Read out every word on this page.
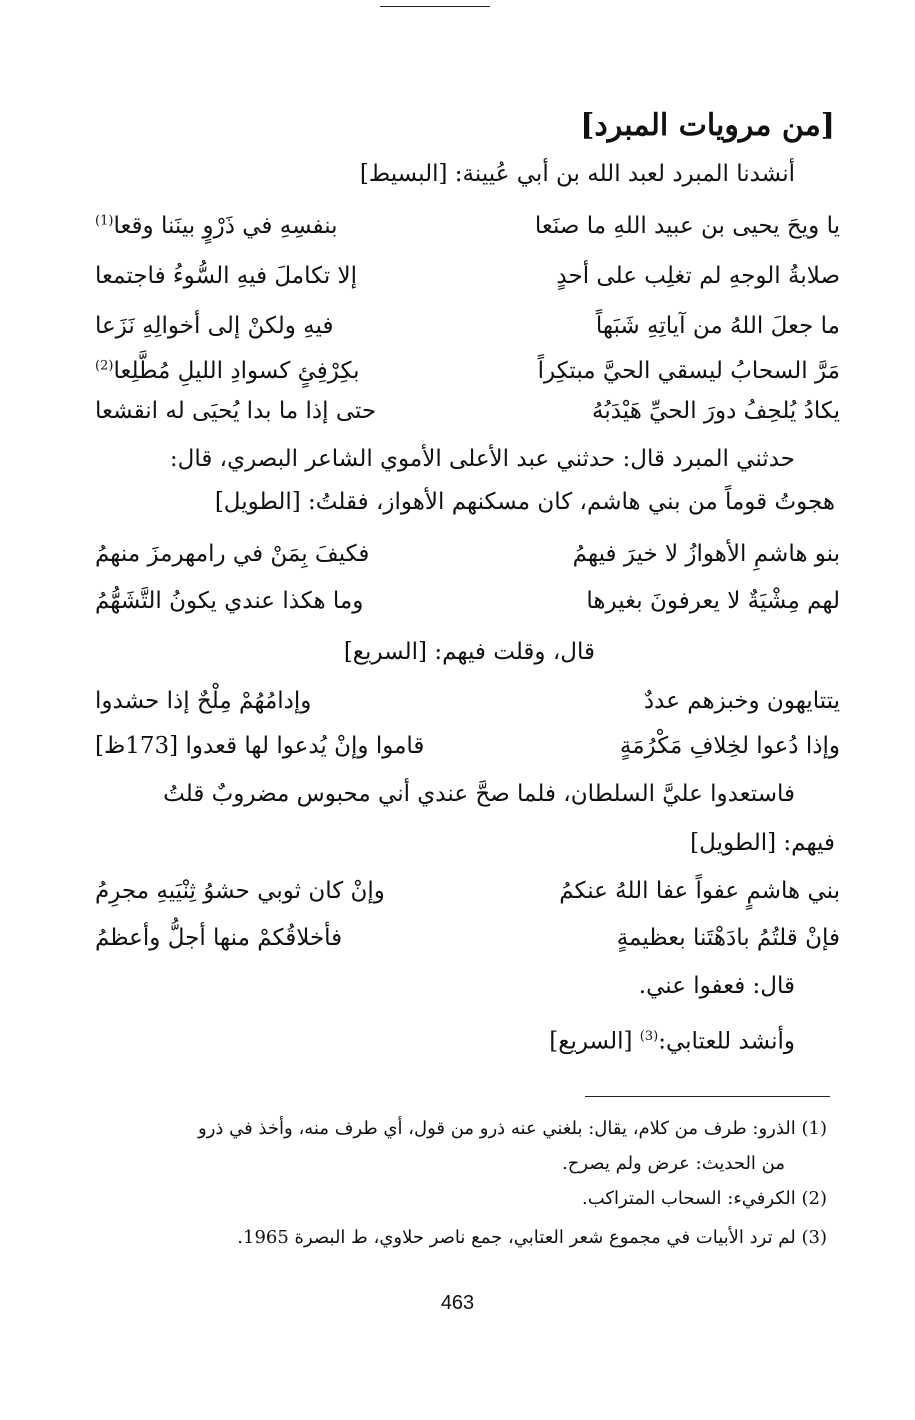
[من مرويات المبرد]
أنشدنا المبرد لعبد الله بن أبي عُيينة: [البسيط]
يا ويحَ يحيى بن عبيد اللهِ ما صنَعا
بنفسِهِ في ذَرْوٍ بينَنا وقعا$^{(1)}$
صلابةُ الوجهِ لم تغلِب على أحدٍ
إلا تكاملَ فيهِ السُّوءُ فاجتمعا
ما جعلَ اللهُ من آياتِهِ شَبَهاً
فيهِ ولكنْ إلى أخوالِهِ نَزَعا
مَرَّ السحابُ ليسقي الحيَّ مبتكِراً
بكِرْفِئٍ كسوادِ الليلِ مُطَّلِعا$^{(2)}$
يكادُ يُلحِفُ دورَ الحيِّ هَيْدَبُهُ
حتى إذا ما بدا يُحيَى له انقشعا
حدثني المبرد قال: حدثني عبد الأعلى الأموي الشاعر البصري، قال:
هجوتُ قوماً من بني هاشم، كان مسكنهم الأهواز، فقلتُ: [الطويل]
بنو هاشمِ الأهوازُ لا خيرَ فيهمُ
فكيفَ بِمَنْ في رامهرمزَ منهمُ
لهم مِشْيَةٌ لا يعرفونَ بغيرها
وما هكذا عندي يكونُ التَّشَهُّمُ
قال، وقلت فيهم: [السريع]
يتتايهون وخبزهم عددٌ
وإدامُهُمْ مِلْحٌ إذا حشدوا
وإذا دُعوا لخِلافِ مَكْرُمَةٍ
قاموا وإنْ يُدعوا لها قعدوا [173ظ]
فاستعدوا عليَّ السلطان، فلما صحَّ عندي أني محبوس مضروبٌ قلتُ
فيهم: [الطويل]
بني هاشمٍ عفواً عفا اللهُ عنكمُ
وإنْ كان ثوبي حشوُ ثِنْيَيهِ مجرِمُ
فإنْ قلتُمُ بادَهْتَنا بعظيمةٍ
فأخلاقُكمْ منها أجلُّ وأعظمُ
قال: فعفوا عني.
وأنشد للعتابي:$^{(3)}$ [السريع]
(1) الذرو: طرف من كلام، يقال: بلغني عنه ذرو من قول، أي طرف منه، وأخذ في ذرو
من الحديث: عرض ولم يصرح.
(2) الكرفيء: السحاب المتراكب.
(3) لم ترد الأبيات في مجموع شعر العتابي، جمع ناصر حلاوي، ط البصرة 1965.
463
